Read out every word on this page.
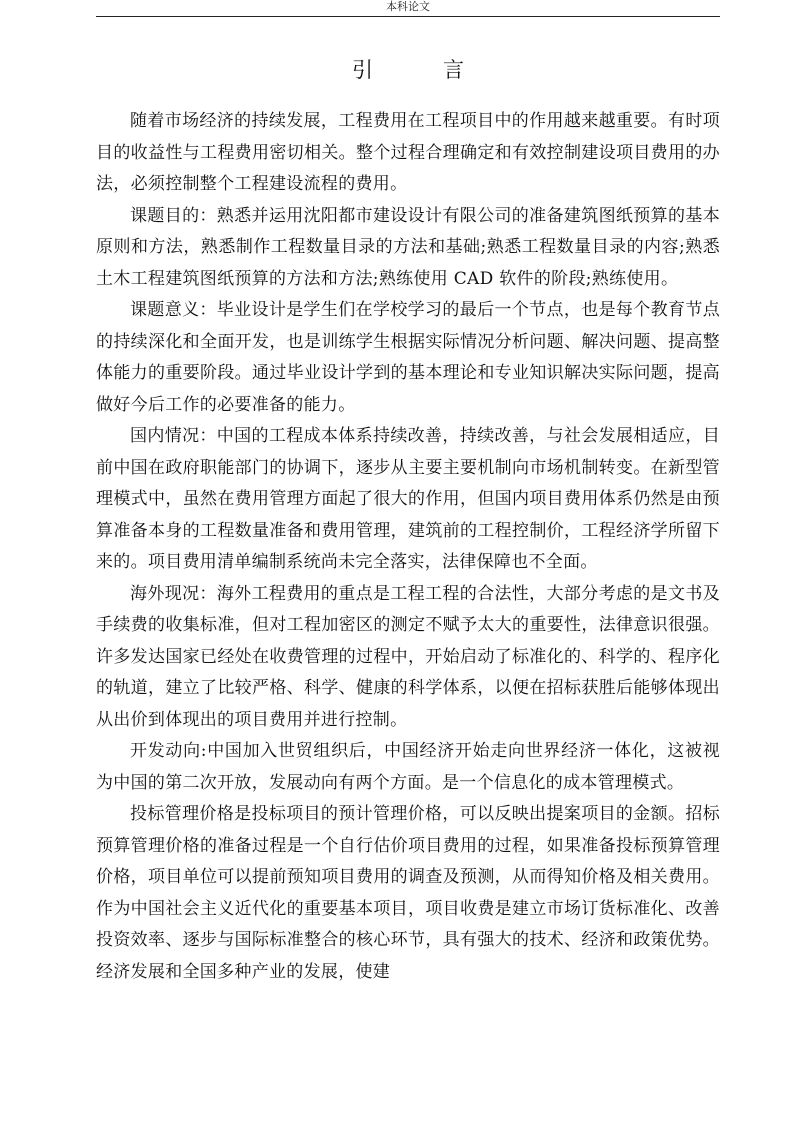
本科论文
引	言

随着市场经济的持续发展，工程费用在工程项目中的作用越来越重要。有时项目的收益性与工程费用密切相关。整个过程合理确定和有效控制建设项目费用的办法，必须控制整个工程建设流程的费用。

课题目的：熟悉并运用沈阳都市建设设计有限公司的准备建筑图纸预算的基本原则和方法，熟悉制作工程数量目录的方法和基础;熟悉工程数量目录的内容;熟悉土木工程建筑图纸预算的方法和方法;熟练使用 CAD 软件的阶段;熟练使用。

课题意义：毕业设计是学生们在学校学习的最后一个节点，也是每个教育节点的持续深化和全面开发，也是训练学生根据实际情况分析问题、解决问题、提高整体能力的重要阶段。通过毕业设计学到的基本理论和专业知识解决实际问题，提高做好今后工作的必要准备的能力。

国内情况：中国的工程成本体系持续改善，持续改善，与社会发展相适应，目前中国在政府职能部门的协调下，逐步从主要主要机制向市场机制转变。在新型管理模式中，虽然在费用管理方面起了很大的作用，但国内项目费用体系仍然是由预算准备本身的工程数量准备和费用管理，建筑前的工程控制价，工程经济学所留下来的。项目费用清单编制系统尚未完全落实，法律保障也不全面。

海外现况：海外工程费用的重点是工程工程的合法性，大部分考虑的是文书及手续费的收集标准，但对工程加密区的测定不赋予太大的重要性，法律意识很强。许多发达国家已经处在收费管理的过程中，开始启动了标准化的、科学的、程序化的轨道，建立了比较严格、科学、健康的科学体系，以便在招标获胜后能够体现出从出价到体现出的项目费用并进行控制。

开发动向:中国加入世贸组织后，中国经济开始走向世界经济一体化，这被视为中国的第二次开放，发展动向有两个方面。是一个信息化的成本管理模式。

投标管理价格是投标项目的预计管理价格，可以反映出提案项目的金额。招标预算管理价格的准备过程是一个自行估价项目费用的过程，如果准备投标预算管理价格，项目单位可以提前预知项目费用的调查及预测，从而得知价格及相关费用。作为中国社会主义近代化的重要基本项目，项目收费是建立市场订货标准化、改善投资效率、逐步与国际标准整合的核心环节，具有强大的技术、经济和政策优势。经济发展和全国多种产业的发展，使建
